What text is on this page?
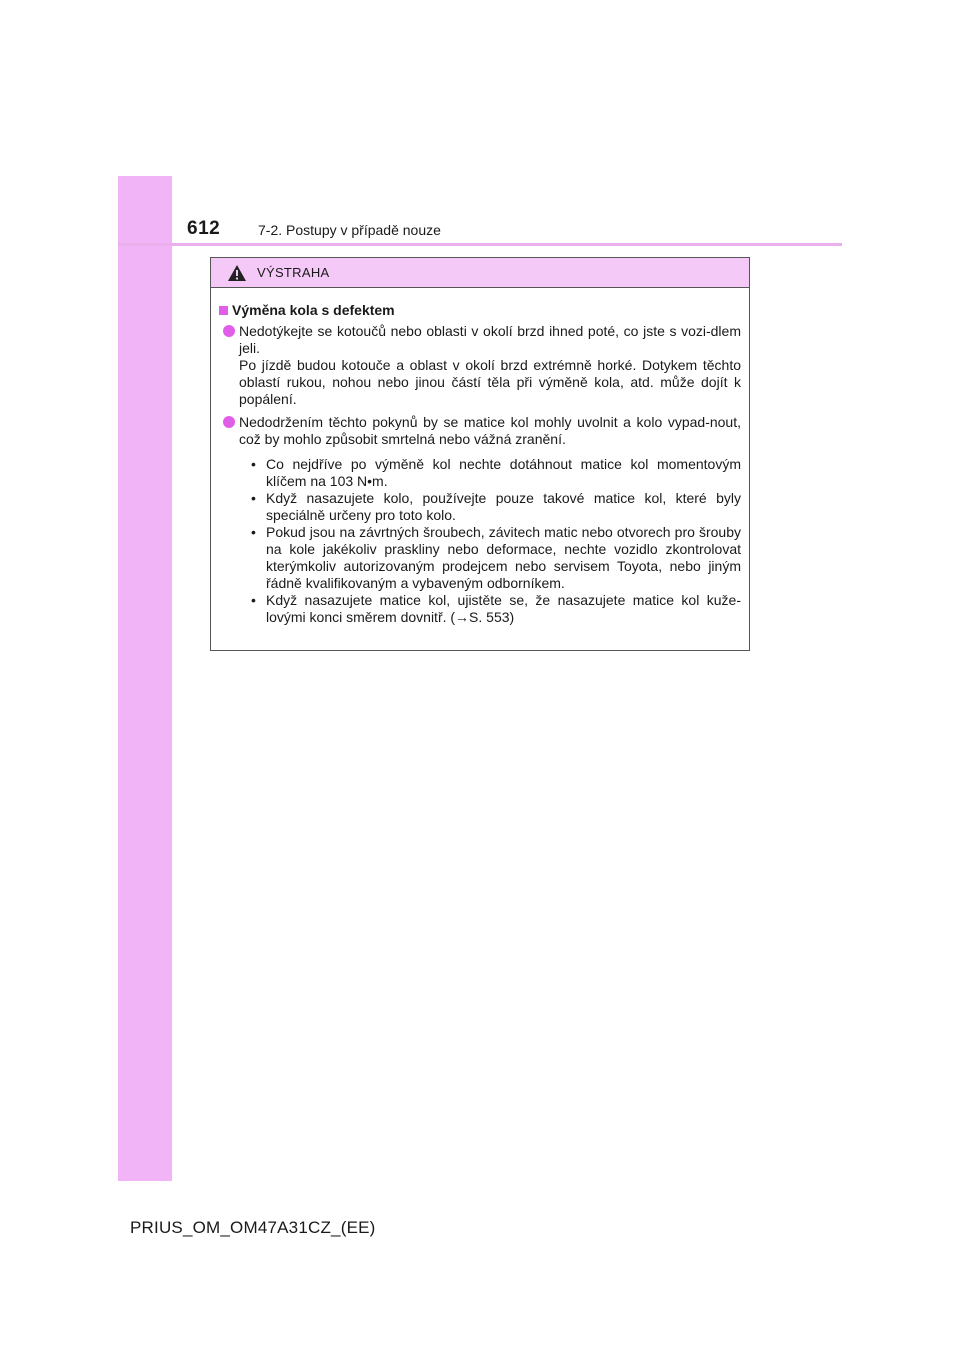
612	7-2. Postupy v případě nouze
VÝSTRAHA
Výměna kola s defektem

Nedotýkejte se kotoučů nebo oblasti v okolí brzd ihned poté, co jste s vozi-dlem jeli.

Po jízdě budou kotouče a oblast v okolí brzd extrémně horké. Dotykem těchto oblastí rukou, nohou nebo jinou částí těla při výměně kola, atd. může dojít k popálení.

Nedodržením těchto pokynů by se matice kol mohly uvolnit a kolo vypad-nout, což by mohlo způsobit smrtelná nebo vážná zranění.

• Co nejdříve po výměně kol nechte dotáhnout matice kol momentovým klíčem na 103 N•m.
• Když nasazujete kolo, používejte pouze takové matice kol, které byly speciálně určeny pro toto kolo.
• Pokud jsou na závrtných šroubech, závitech matic nebo otvorech pro šrouby na kole jakékoliv praskliny nebo deformace, nechte vozidlo zkontrolovat kterýmkoliv autorizovaným prodejcem nebo servisem Toyota, nebo jiným řádně kvalifikovaným a vybaveným odborníkem.
• Když nasazujete matice kol, ujistěte se, že nasazujete matice kol kuže-lovými konci směrem dovnitř. (→S. 553)
PRIUS_OM_OM47A31CZ_(EE)
